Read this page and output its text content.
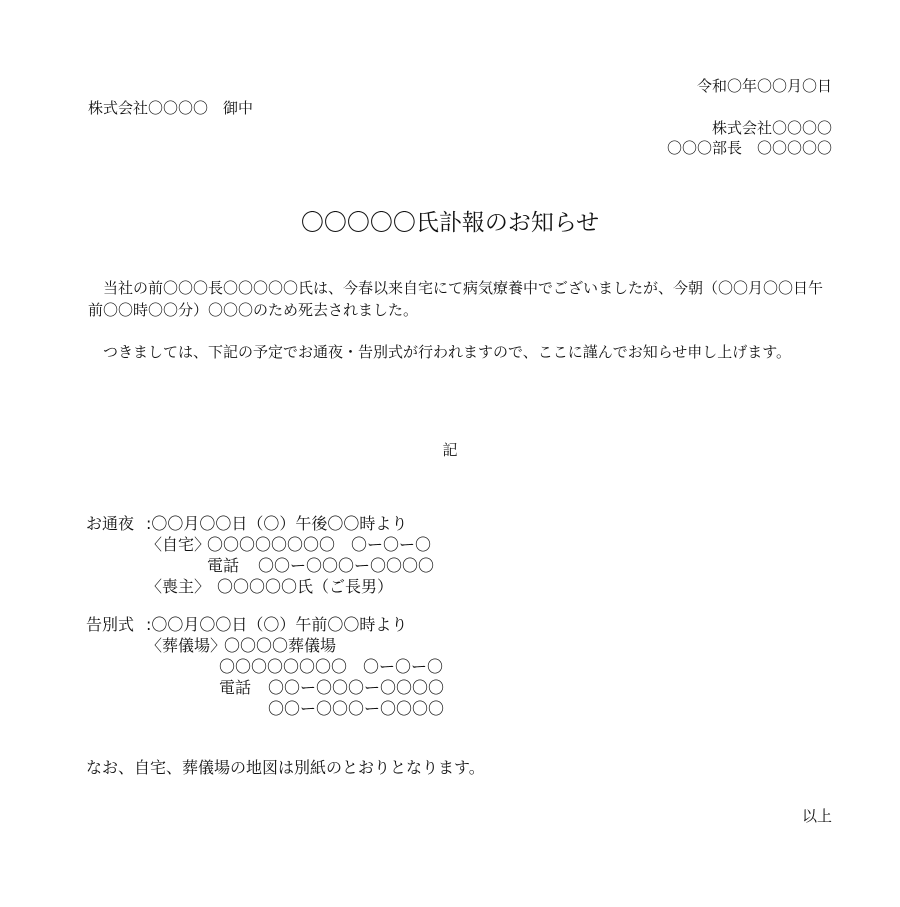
令和〇年〇〇月〇日
株式会社〇〇〇〇　御中
株式会社〇〇〇〇
〇〇〇部長　〇〇〇〇〇
〇〇〇〇〇氏訃報のお知らせ
　当社の前〇〇〇長〇〇〇〇〇氏は、今春以来自宅にて病気療養中でございましたが、今朝（〇〇月〇〇日午前〇〇時〇〇分）〇〇〇のため死去されました。
　つきましては、下記の予定でお通夜・告別式が行われますので、ここに謹んでお知らせ申し上げます。
記
お通夜 :〇〇月〇〇日（〇）午後〇〇時より
〈自宅〉
〇〇〇〇〇〇〇〇　〇ー〇ー〇
電話 〇〇ー〇〇〇ー〇〇〇〇
〈喪主〉 〇〇〇〇〇氏（ご長男）
告別式 :〇〇月〇〇日（〇）午前〇〇時より
〈葬儀場〉
〇〇〇〇葬儀場
〇〇〇〇〇〇〇〇　〇ー〇ー〇
電話 〇〇ー〇〇〇ー〇〇〇〇
〇〇ー〇〇〇ー〇〇〇〇
なお、自宅、葬儀場の地図は別紙のとおりとなります。
以上
